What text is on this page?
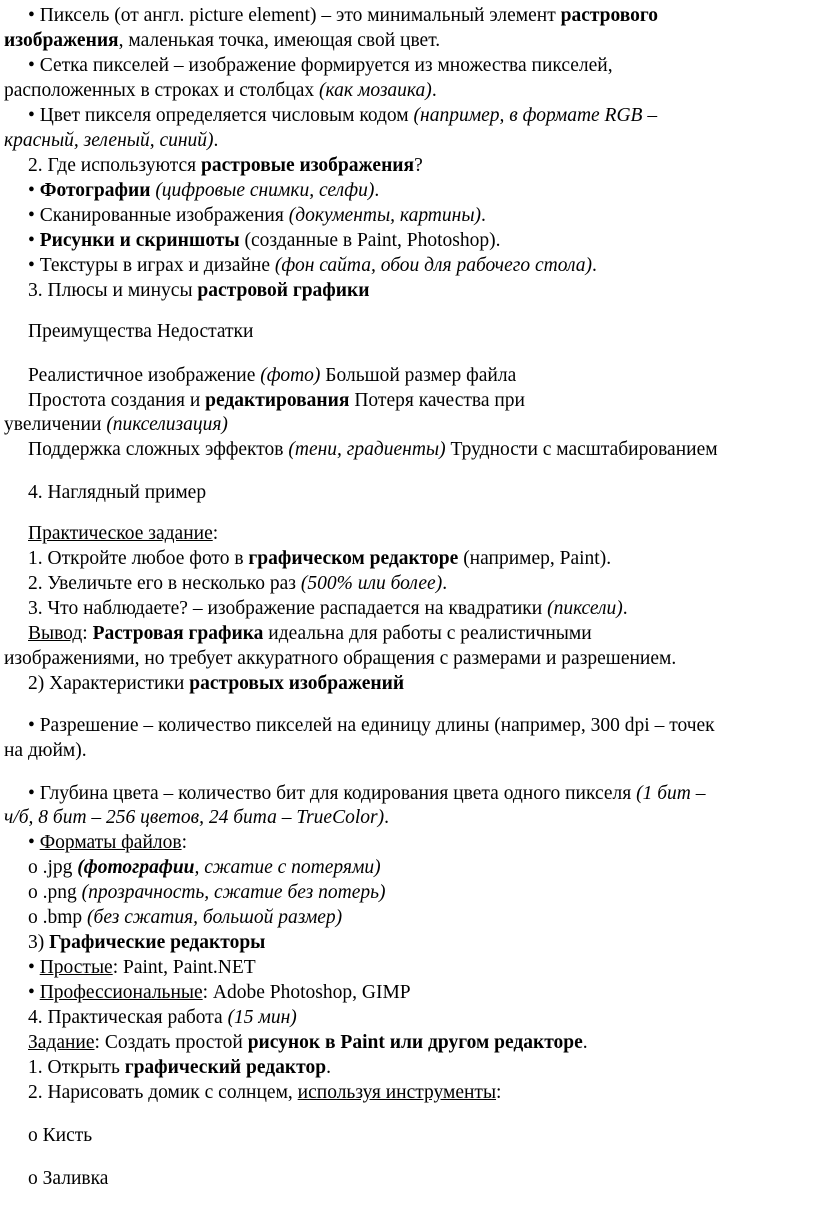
• Пиксель (от англ. picture element) – это минимальный элемент растрового
изображения, маленькая точка, имеющая свой цвет.
• Сетка пикселей – изображение формируется из множества пикселей,
расположенных в строках и столбцах (как мозаика).
• Цвет пикселя определяется числовым кодом (например, в формате RGB –
красный, зеленый, синий).
2. Где используются растровые изображения?
• Фотографии (цифровые снимки, селфи).
• Сканированные изображения (документы, картины).
• Рисунки и скриншоты (созданные в Paint, Photoshop).
• Текстуры в играх и дизайне (фон сайта, обои для рабочего стола).
3. Плюсы и минусы растровой графики
Преимущества Недостатки
Реалистичное изображение (фото) Большой размер файла
Простота создания и редактирования Потеря качества при
увеличении (пикселизация)
Поддержка сложных эффектов (тени, градиенты) Трудности с масштабированием
4. Наглядный пример
Практическое задание:
1. Откройте любое фото в графическом редакторе (например, Paint).
2. Увеличьте его в несколько раз (500% или более).
3. Что наблюдаете? – изображение распадается на квадратики (пиксели).
Вывод: Растровая графика идеальна для работы с реалистичными
изображениями, но требует аккуратного обращения с размерами и разрешением.
2) Характеристики растровых изображений
• Разрешение – количество пикселей на единицу длины (например, 300 dpi – точек
на дюйм).
• Глубина цвета – количество бит для кодирования цвета одного пикселя (1 бит –
ч/б, 8 бит – 256 цветов, 24 бита – TrueColor).
• Форматы файлов:
o .jpg (фотографии, сжатие с потерями)
o .png (прозрачность, сжатие без потерь)
o .bmp (без сжатия, большой размер)
3) Графические редакторы
• Простые: Paint, Paint.NET
• Профессиональные: Adobe Photoshop, GIMP
4. Практическая работа (15 мин)
Задание: Создать простой рисунок в Paint или другом редакторе.
1. Открыть графический редактор.
2. Нарисовать домик с солнцем, используя инструменты:
o Кисть
o Заливка
